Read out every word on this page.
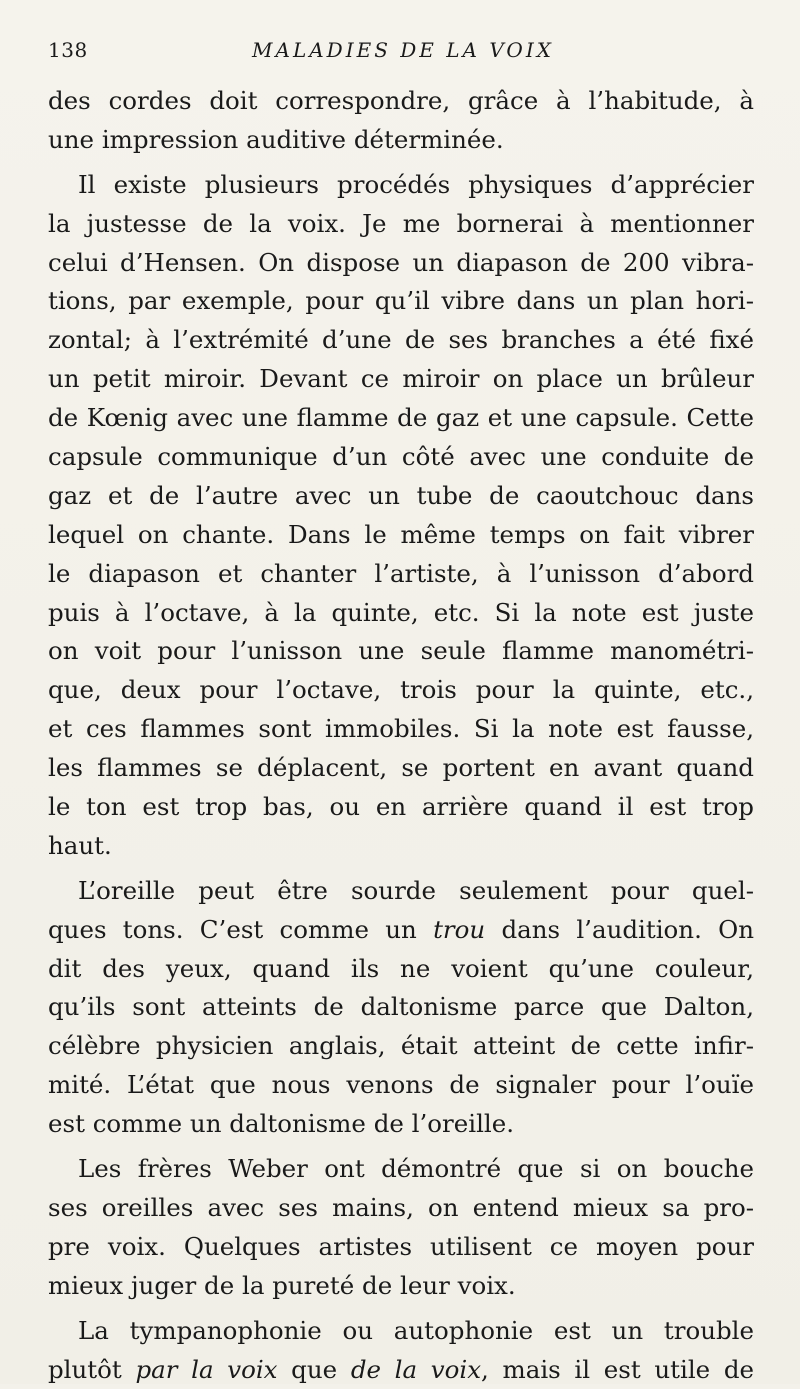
138	MALADIES DE LA VOIX
des cordes doit correspondre, grâce à l’habitude, à
une impression auditive déterminée.
Il existe plusieurs procédés physiques d’apprécier
la justesse de la voix. Je me bornerai à mentionner
celui d’Hensen. On dispose un diapason de 200 vibra-
tions, par exemple, pour qu’il vibre dans un plan hori-
zontal; à l’extrémité d’une de ses branches a été fixé
un petit miroir. Devant ce miroir on place un brûleur
de Kœnig avec une flamme de gaz et une capsule. Cette
capsule communique d’un côté avec une conduite de
gaz et de l’autre avec un tube de caoutchouc dans
lequel on chante. Dans le même temps on fait vibrer
le diapason et chanter l’artiste, à l’unisson d’abord
puis à l’octave, à la quinte, etc. Si la note est juste
on voit pour l’unisson une seule flamme manométri-
que, deux pour l’octave, trois pour la quinte, etc.,
et ces flammes sont immobiles. Si la note est fausse,
les flammes se déplacent, se portent en avant quand
le ton est trop bas, ou en arrière quand il est trop
haut.
L’oreille peut être sourde seulement pour quel-
ques tons. C’est comme un trou dans l’audition. On
dit des yeux, quand ils ne voient qu’une couleur,
qu’ils sont atteints de daltonisme parce que Dalton,
célèbre physicien anglais, était atteint de cette infir-
mité. L’état que nous venons de signaler pour l’ouïe
est comme un daltonisme de l’oreille.
Les frères Weber ont démontré que si on bouche
ses oreilles avec ses mains, on entend mieux sa pro-
pre voix. Quelques artistes utilisent ce moyen pour
mieux juger de la pureté de leur voix.
La tympanophonie ou autophonie est un trouble
plutôt par la voix que de la voix, mais il est utile de
